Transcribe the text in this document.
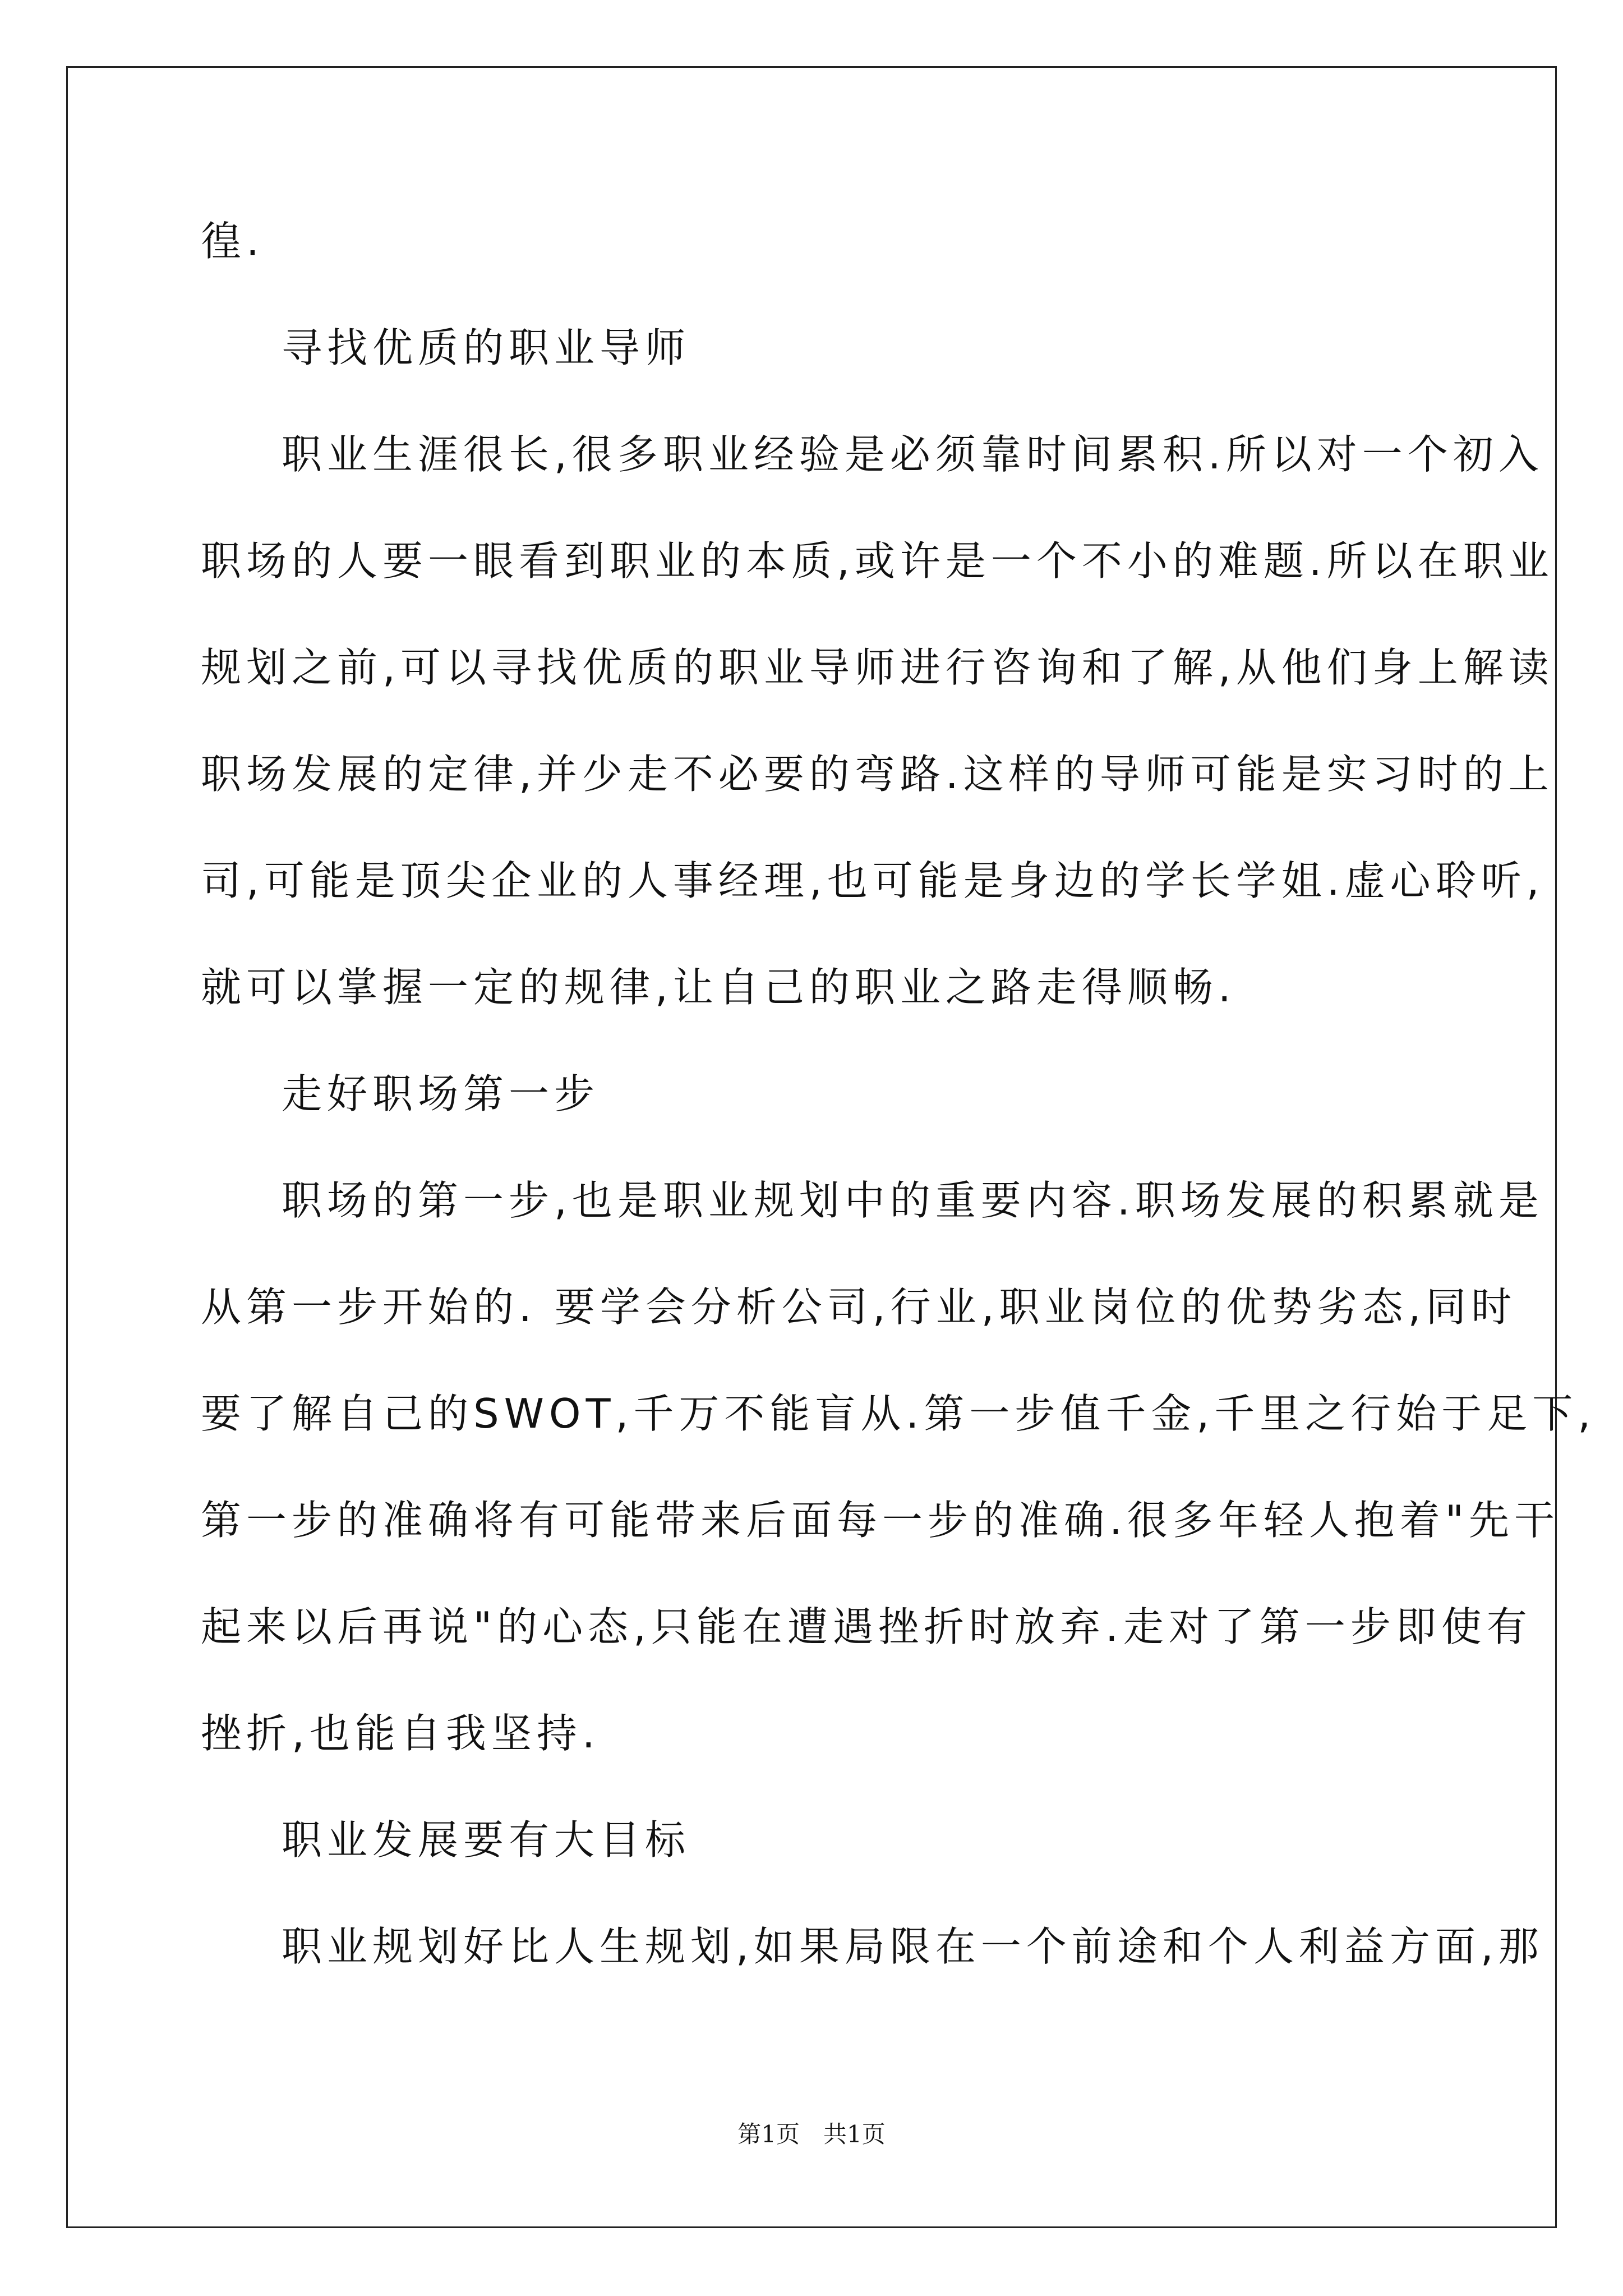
徨.
寻找优质的职业导师
职业生涯很长,很多职业经验是必须靠时间累积.所以对一个初入
职场的人要一眼看到职业的本质,或许是一个不小的难题.所以在职业
规划之前,可以寻找优质的职业导师进行咨询和了解,从他们身上解读
职场发展的定律,并少走不必要的弯路.这样的导师可能是实习时的上
司,可能是顶尖企业的人事经理,也可能是身边的学长学姐.虚心聆听,
就可以掌握一定的规律,让自己的职业之路走得顺畅.
走好职场第一步
职场的第一步,也是职业规划中的重要内容.职场发展的积累就是
从第一步开始的. 要学会分析公司,行业,职业岗位的优势劣态,同时
要了解自己的SWOT,千万不能盲从.第一步值千金,千里之行始于足下,
第一步的准确将有可能带来后面每一步的准确.很多年轻人抱着"先干
起来以后再说"的心态,只能在遭遇挫折时放弃.走对了第一步即使有
挫折,也能自我坚持.
职业发展要有大目标
职业规划好比人生规划,如果局限在一个前途和个人利益方面,那
第1页　共1页
